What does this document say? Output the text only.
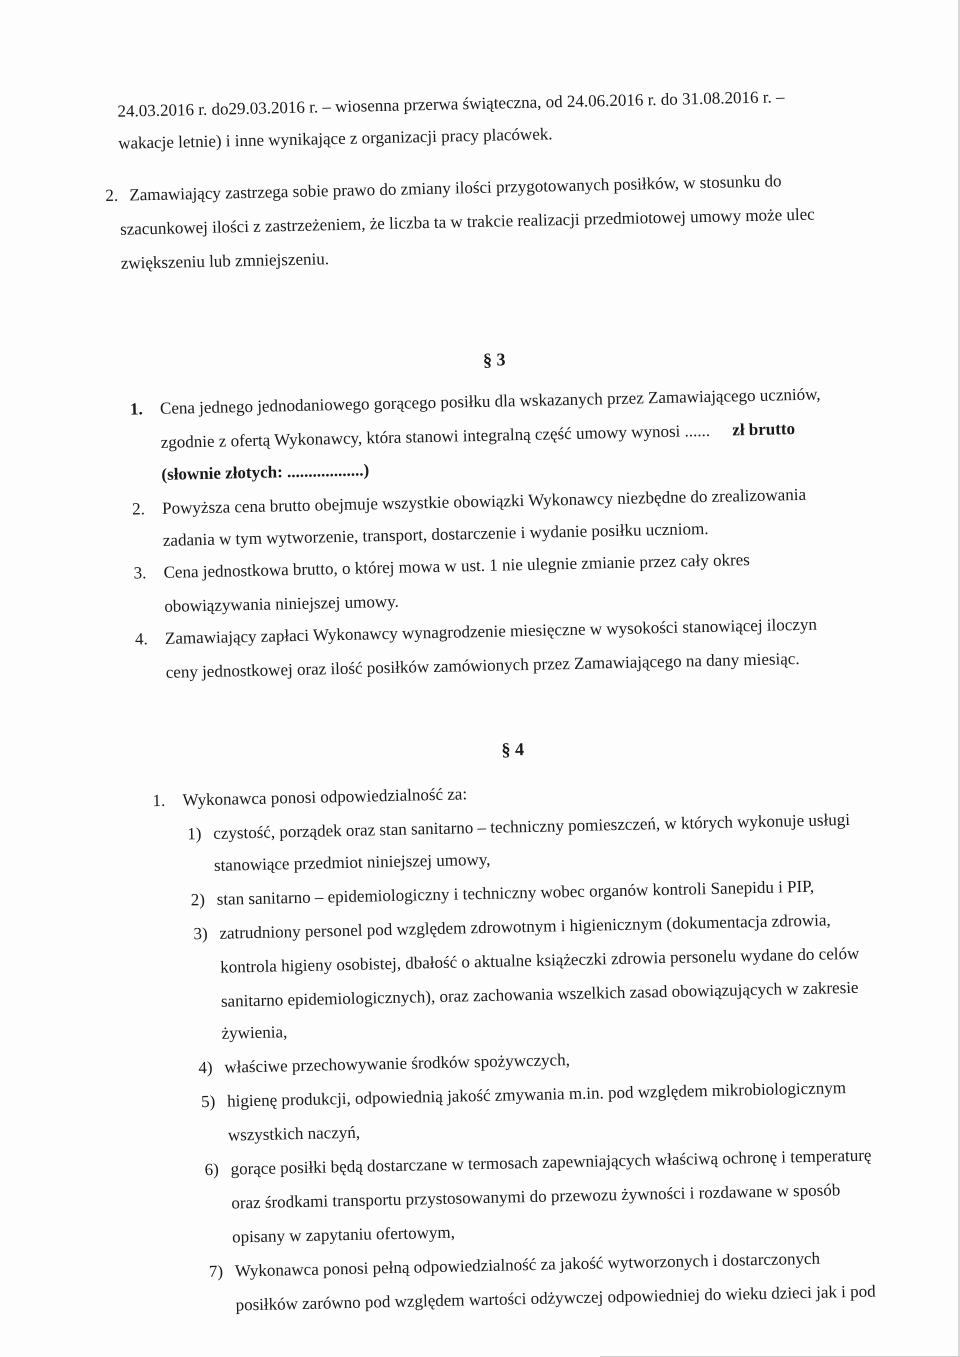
24.03.2016 r. do29.03.2016 r. – wiosenna przerwa świąteczna, od 24.06.2016 r. do 31.08.2016 r. –
wakacje letnie) i inne wynikające z organizacji pracy placówek.
2. Zamawiający zastrzega sobie prawo do zmiany ilości przygotowanych posiłków, w stosunku do
szacunkowej ilości z zastrzeżeniem, że liczba ta w trakcie realizacji przedmiotowej umowy może ulec
zwiększeniu lub zmniejszeniu.
§ 3
1. Cena jednego jednodaniowego gorącego posiłku dla wskazanych przez Zamawiającego uczniów,
zgodnie z ofertą Wykonawcy, która stanowi integralną część umowy wynosi ...... zł brutto
(słownie złotych: ..................)
2. Powyższa cena brutto obejmuje wszystkie obowiązki Wykonawcy niezbędne do zrealizowania
zadania w tym wytworzenie, transport, dostarczenie i wydanie posiłku uczniom.
3. Cena jednostkowa brutto, o której mowa w ust. 1 nie ulegnie zmianie przez cały okres
obowiązywania niniejszej umowy.
4. Zamawiający zapłaci Wykonawcy wynagrodzenie miesięczne w wysokości stanowiącej iloczyn
ceny jednostkowej oraz ilość posiłków zamówionych przez Zamawiającego na dany miesiąc.
§ 4
1. Wykonawca ponosi odpowiedzialność za:
1) czystość, porządek oraz stan sanitarno – techniczny pomieszczeń, w których wykonuje usługi
stanowiące przedmiot niniejszej umowy,
2) stan sanitarno – epidemiologiczny i techniczny wobec organów kontroli Sanepidu i PIP,
3) zatrudniony personel pod względem zdrowotnym i higienicznym (dokumentacja zdrowia,
kontrola higieny osobistej, dbałość o aktualne książeczki zdrowia personelu wydane do celów
sanitarno epidemiologicznych), oraz zachowania wszelkich zasad obowiązujących w zakresie
żywienia,
4) właściwe przechowywanie środków spożywczych,
5) higienę produkcji, odpowiednią jakość zmywania m.in. pod względem mikrobiologicznym
wszystkich naczyń,
6) gorące posiłki będą dostarczane w termosach zapewniających właściwą ochronę i temperaturę
oraz środkami transportu przystosowanymi do przewozu żywności i rozdawane w sposób
opisany w zapytaniu ofertowym,
7) Wykonawca ponosi pełną odpowiedzialność za jakość wytworzonych i dostarczonych
posiłków zarówno pod względem wartości odżywczej odpowiedniej do wieku dzieci jak i pod
